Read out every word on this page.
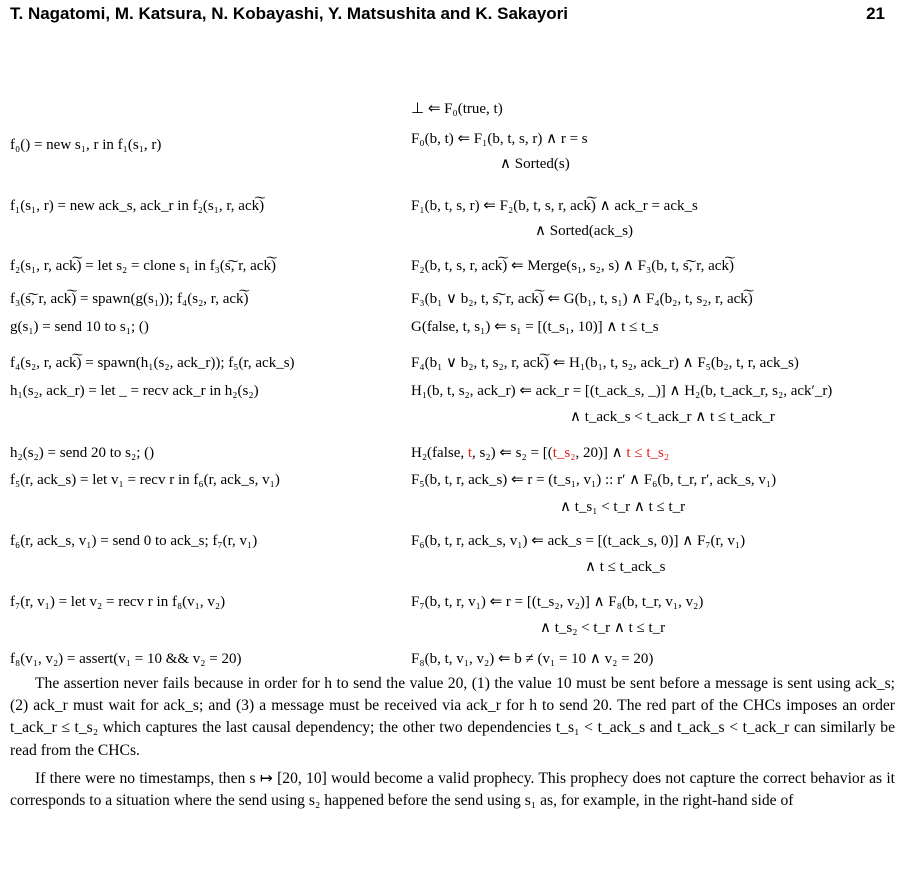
T. Nagatomi, M. Katsura, N. Kobayashi, Y. Matsushita and K. Sakayori	21
f₀() = new s₁, r in f₁(s₁, r)
f₁(s₁, r) = new ack_s, ack_r in f₂(s₁, r, ack͠)
f₂(s₁, r, ack͠) = let s₂ = clone s₁ in f₃(s͠, r, ack͠)
f₃(s͠, r, ack͠) = spawn(g(s₁)); f₄(s₂, r, ack͠)
g(s₁) = send 10 to s₁; ()
f₄(s₂, r, ack͠) = spawn(h₁(s₂, ack_r)); f₅(r, ack_s)
h₁(s₂, ack_r) = let _ = recv ack_r in h₂(s₂)
h₂(s₂) = send 20 to s₂; ()
f₅(r, ack_s) = let v₁ = recv r in f₆(r, ack_s, v₁)
f₆(r, ack_s, v₁) = send 0 to ack_s; f₇(r, v₁)
f₇(r, v₁) = let v₂ = recv r in f₈(v₁, v₂)
f₈(v₁, v₂) = assert(v₁ = 10 && v₂ = 20)
⊥ ⇐ F₀(true, t)
F₀(b, t) ⇐ F₁(b, t, s, r) ∧ r = s
∧ Sorted(s)
F₁(b, t, s, r) ⇐ F₂(b, t, s, r, ack͠) ∧ ack_r = ack_s
∧ Sorted(ack_s)
F₂(b, t, s, r, ack͠) ⇐ Merge(s₁, s₂, s) ∧ F₃(b, t, s͠, r, ack͠)
F₃(b₁ ∨ b₂, t, s͠, r, ack͠) ⇐ G(b₁, t, s₁) ∧ F₄(b₂, t, s₂, r, ack͠)
G(false, t, s₁) ⇐ s₁ = [(t_s₁, 10)] ∧ t ≤ t_s
F₄(b₁ ∨ b₂, t, s₂, r, ack͠) ⇐ H₁(b₁, t, s₂, ack_r) ∧ F₅(b₂, t, r, ack_s)
H₁(b, t, s₂, ack_r) ⇐ ack_r = [(t_ack_s, _)] ∧ H₂(b, t_ack_r, s₂, ack′_r)
∧ t_ack_s < t_ack_r ∧ t ≤ t_ack_r
H₂(false, t, s₂) ⇐ s₂ = [(t_s₂, 20)] ∧ t ≤ t_s₂
F₅(b, t, r, ack_s) ⇐ r = (t_s₁, v₁) :: r′ ∧ F₆(b, t_r, r′, ack_s, v₁)
∧ t_s₁ < t_r ∧ t ≤ t_r
F₆(b, t, r, ack_s, v₁) ⇐ ack_s = [(t_ack_s, 0)] ∧ F₇(r, v₁)
∧ t ≤ t_ack_s
F₇(b, t, r, v₁) ⇐ r = [(t_s₂, v₂)] ∧ F₈(b, t_r, v₁, v₂)
∧ t_s₂ < t_r ∧ t ≤ t_r
F₈(b, t, v₁, v₂) ⇐ b ≠ (v₁ = 10 ∧ v₂ = 20)

The assertion never fails because in order for h to send the value 20, (1) the value 10 must be sent before a message is sent using ack_s; (2) ack_r must wait for ack_s; and (3) a message must be received via ack_r for h to send 20. The red part of the CHCs imposes an order t_ack_r ≤ t_s₂ which captures the last causal dependency; the other two dependencies t_s₁ < t_ack_s and t_ack_s < t_ack_r can similarly be read from the CHCs.

If there were no timestamps, then s ↦ [20, 10] would become a valid prophecy. This prophecy does not capture the correct behavior as it corresponds to a situation where the send using s₂ happened before the send using s₁ as, for example, in the right-hand side of
